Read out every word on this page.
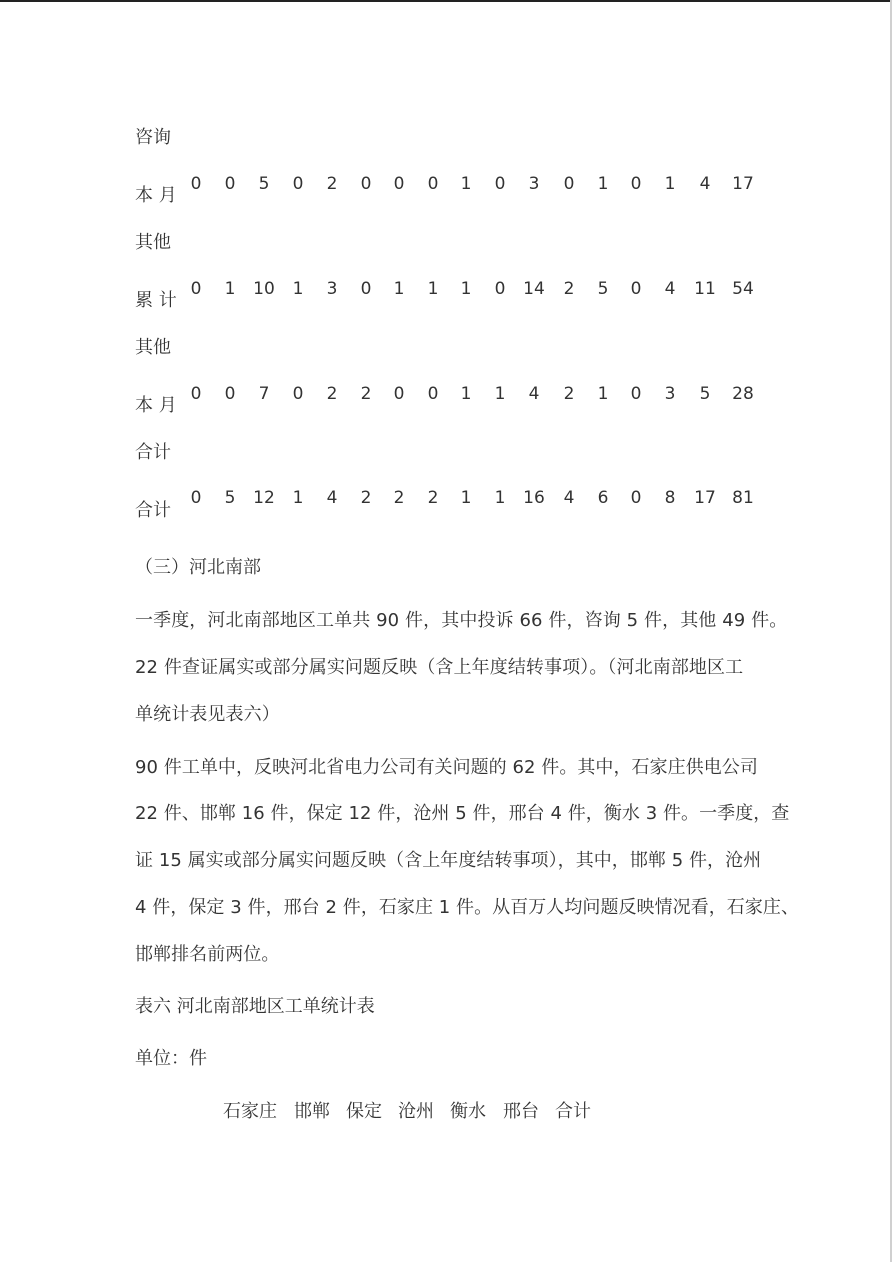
咨询
本 月
0	0	5	0	2	0	0	0	1	0	3	0	1	0	1	4	17
其他
累 计
0	1	10	1	3	0	1	1	1	0	14	2	5	0	4	11 54
其他
本 月
0	0	7	0	2	2	0	0	1	1	4	2	1	0	3	5	28
合计
合计
0	5	12	1	4	2	2	2	1	1	16	4	6	0	8	17 81
（三）河北南部
一季度，河北南部地区工单共 90 件，其中投诉 66 件，咨询 5 件，其他 49 件。
22 件查证属实或部分属实问题反映（含上年度结转事项）。（河北南部地区工
单统计表见表六）
90 件工单中，反映河北省电力公司有关问题的 62 件。其中，石家庄供电公司
22 件、邯郸 16 件，保定 12 件，沧州 5 件，邢台 4 件，衡水 3 件。一季度，查
证 15 属实或部分属实问题反映（含上年度结转事项），其中，邯郸 5 件，沧州
4 件，保定 3 件，邢台 2 件，石家庄 1 件。从百万人均问题反映情况看，石家庄、
邯郸排名前两位。
表六 河北南部地区工单统计表
单位：件
石家庄 邯郸 保定 沧州 衡水 邢台 合计
